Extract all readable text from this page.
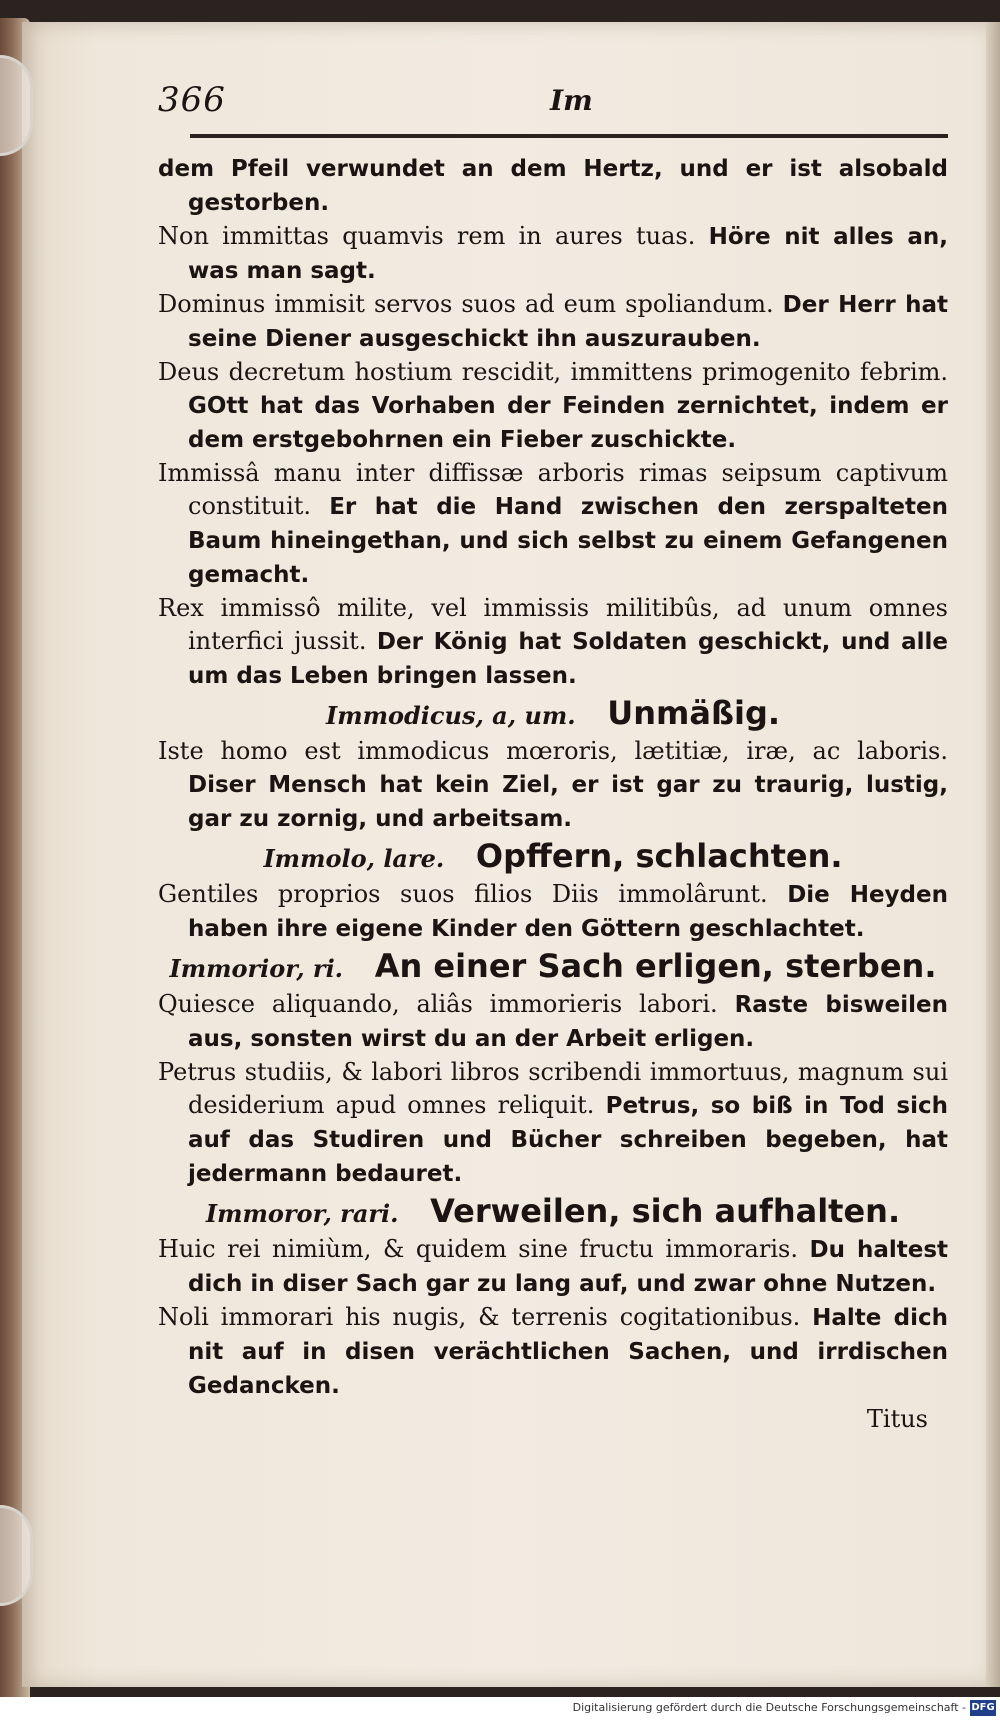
366	Im

dem Pfeil verwundet an dem Hertz, und er ist alsobald gestorben.

Non immittas quamvis rem in aures tuas. Höre nit alles an, was man sagt.

Dominus immisit servos suos ad eum spoliandum. Der Herr hat seine Diener ausgeschickt ihn auszurauben.

Deus decretum hostium rescidit, immittens primogenito febrim. GOtt hat das Vorhaben der Feinden zernichtet, indem er dem erstgebohrnen ein Fieber zuschickte.

Immissâ manu inter diffissæ arboris rimas seipsum captivum constituit. Er hat die Hand zwischen den zerspalteten Baum hineingethan, und sich selbst zu einem Gefangenen gemacht.

Rex immissô milite, vel immissis militibûs, ad unum omnes interfici jussit. Der König hat Soldaten geschickt, und alle um das Leben bringen lassen.

Immodicus, a, um. Unmäßig.

Iste homo est immodicus mœroris, lætitiæ, iræ, ac laboris. Diser Mensch hat kein Ziel, er ist gar zu traurig, lustig, gar zu zornig, und arbeitsam.

Immolo, lare. Opffern, schlachten.

Gentiles proprios suos filios Diis immolârunt. Die Heyden haben ihre eigene Kinder den Göttern geschlachtet.

Immorior, ri. An einer Sach erligen, sterben.

Quiesce aliquando, aliâs immorieris labori. Raste bisweilen aus, sonsten wirst du an der Arbeit erligen.

Petrus studiis, & labori libros scribendi immortuus, magnum sui desiderium apud omnes reliquit. Petrus, so biß in Tod sich auf das Studiren und Bücher schreiben begeben, hat jedermann bedauret.

Immoror, rari. Verweilen, sich aufhalten.

Huic rei nimiùm, & quidem sine fructu immoraris. Du haltest dich in diser Sach gar zu lang auf, und zwar ohne Nutzen.

Noli immorari his nugis, & terrenis cogitationibus. Halte dich nit auf in disen verächtlichen Sachen, und irrdischen Gedancken.

Titus
Digitalisierung gefördert durch die Deutsche Forschungsgemeinschaft - DFG
